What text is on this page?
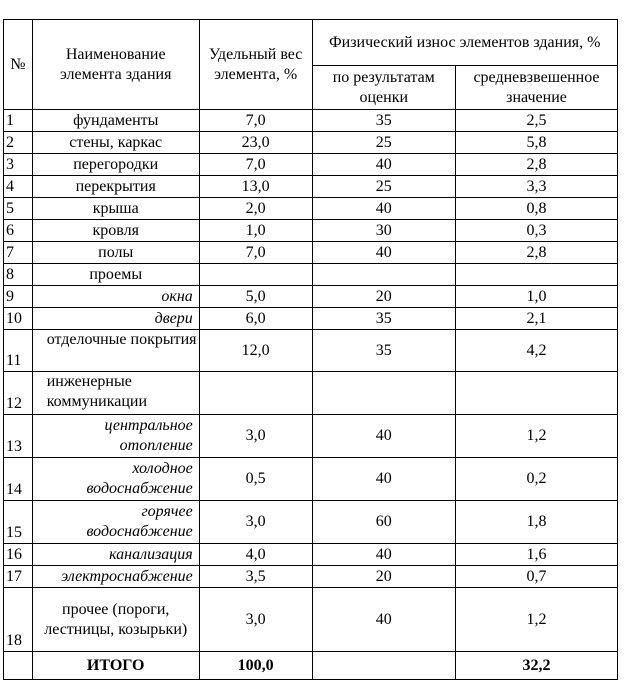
№	Наименование элемента здания	Удельный вес элемента, %	Физический износ элементов здания, %	
			по результатам оценки	средневзвешенное значение
1	фундаменты	7,0	35	2,5
2	стены, каркас	23,0	25	5,8
3	перегородки	7,0	40	2,8
4	перекрытия	13,0	25	3,3
5	крыша	2,0	40	0,8
6	кровля	1,0	30	0,3
7	полы	7,0	40	2,8
8	проемы			
9	окна	5,0	20	1,0
10	двери	6,0	35	2,1
11	отделочные покрытия	12,0	35	4,2
12	инженерные коммуникации			
13	центральное отопление	3,0	40	1,2
14	холодное водоснабжение	0,5	40	0,2
15	горячее водоснабжение	3,0	60	1,8
16	канализация	4,0	40	1,6
17	электроснабжение	3,5	20	0,7
18	прочее (пороги, лестницы, козырьки)	3,0	40	1,2
	ИТОГО	100,0		32,2
